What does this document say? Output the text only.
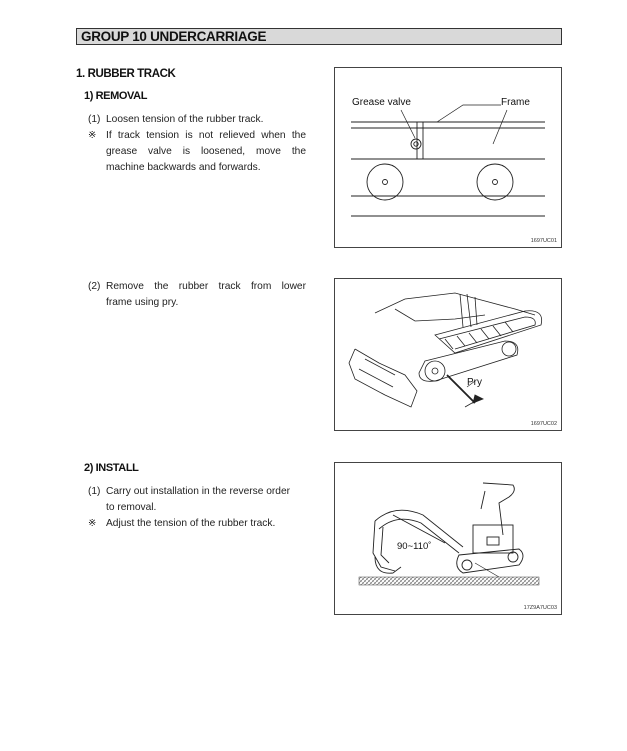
GROUP 10 UNDERCARRIAGE
1. RUBBER TRACK
1) REMOVAL
(1) Loosen tension of the rubber track.
※ If track tension is not relieved when the
grease valve is loosened, move the
machine backwards and forwards.
(2) Remove the rubber track from lower
frame using pry.
2) INSTALL
(1) Carry out installation in the reverse order
to removal.
※ Adjust the tension of the rubber track.
Grease valve	Frame
1697UC01
Pry
1697UC02
90~110˚
17Z9A7UC03
